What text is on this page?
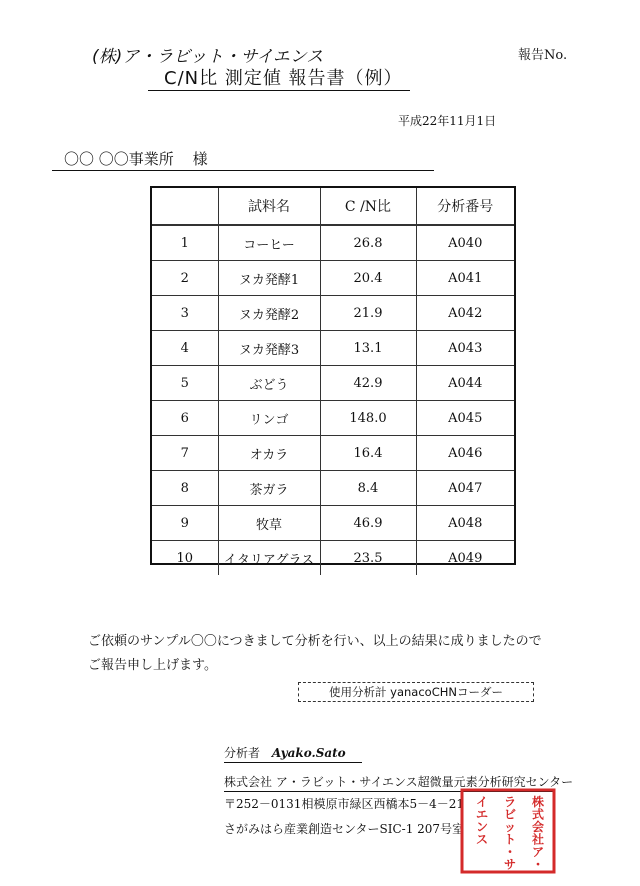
(株)ア・ラビット・サイエンス	報告No.
C/N比 測定値 報告書（例）
平成22年11月1日
〇〇 〇〇事業所 様
	試料名	C /N比	分析番号

1	コーヒー	26.8	A040
2	ヌカ発酵1	20.4	A041
3	ヌカ発酵2	21.9	A042
4	ヌカ発酵3	13.1	A043
5	ぶどう	42.9	A044
6	リンゴ	148.0	A045
7	オカラ	16.4	A046
8	茶ガラ	8.4	A047
9	牧草	46.9	A048
10	イタリアグラス	23.5	A049
ご依頼のサンプル〇〇につきまして分析を行い、以上の結果に成りましたので
ご報告申し上げます。
使用分析計 yanacoCHNコーダー
分析者 Ayako.Sato
株式会社 ア・ラビット・サイエンス超微量元素分析研究センター
〒252－0131相模原市緑区西橋本5－4－21
さがみはら産業創造センターSIC-1 207号室
株
式
会
社
ア
・
ラ
ビ
ッ
ト
・
サ
イ
エ
ン
ス
